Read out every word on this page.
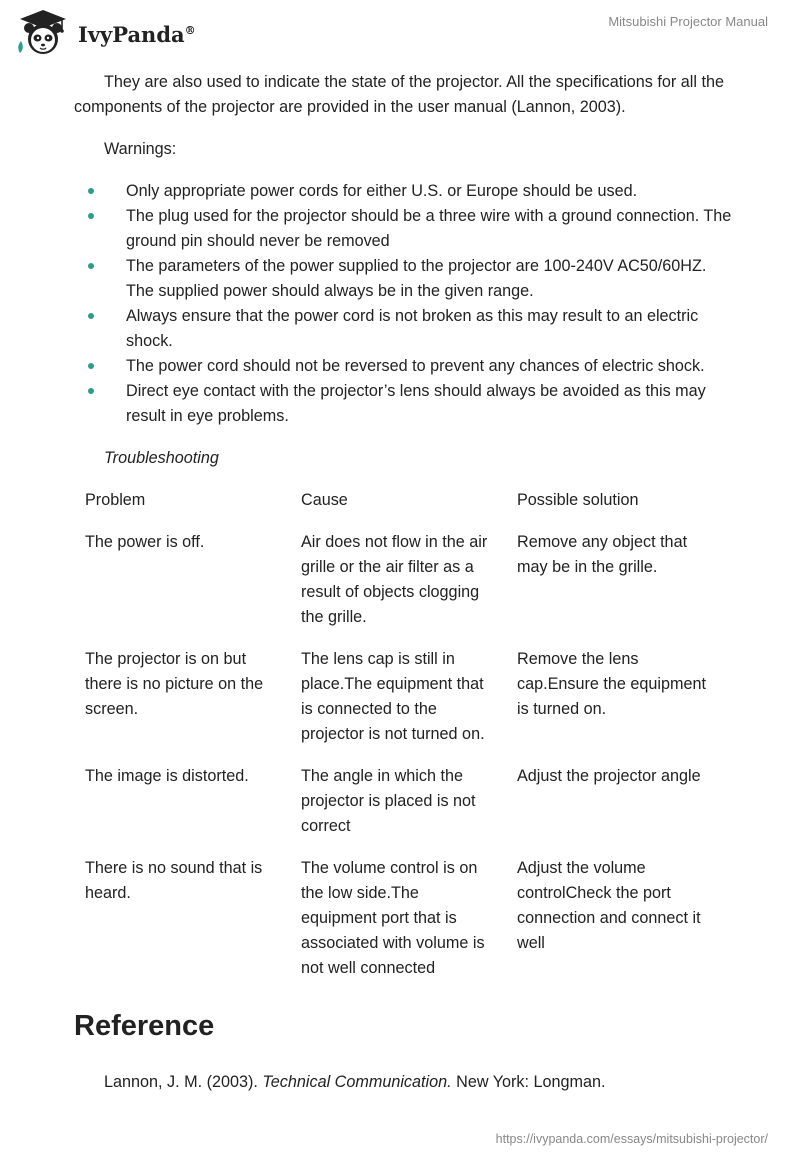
IvyPanda®
Mitsubishi Projector Manual

They are also used to indicate the state of the projector. All the specifications for all the components of the projector are provided in the user manual (Lannon, 2003).

Warnings:

Only appropriate power cords for either U.S. or Europe should be used.
The plug used for the projector should be a three wire with a ground connection. The ground pin should never be removed
The parameters of the power supplied to the projector are 100-240V AC50/60HZ. The supplied power should always be in the given range.
Always ensure that the power cord is not broken as this may result to an electric shock.
The power cord should not be reversed to prevent any chances of electric shock.
Direct eye contact with the projector’s lens should always be avoided as this may result in eye problems.

Troubleshooting

Problem	Cause	Possible solution
The power is off.	Air does not flow in the air grille or the air filter as a result of objects clogging the grille.	Remove any object that may be in the grille.
The projector is on but there is no picture on the screen.	The lens cap is still in place.The equipment that is connected to the projector is not turned on.	Remove the lens cap.Ensure the equipment is turned on.
The image is distorted.	The angle in which the projector is placed is not correct	Adjust the projector angle
There is no sound that is heard.	The volume control is on the low side.The equipment port that is associated with volume is not well connected	Adjust the volume controlCheck the port connection and connect it well
Reference

Lannon, J. M. (2003). Technical Communication. New York: Longman.

https://ivypanda.com/essays/mitsubishi-projector/
